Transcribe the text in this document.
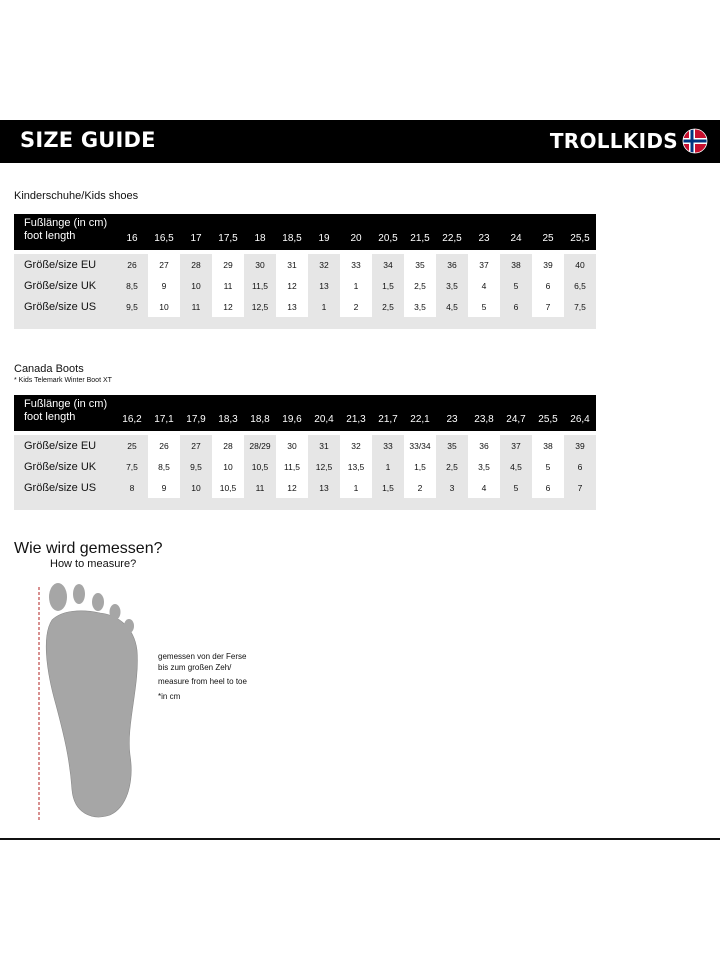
SIZE GUIDE	TROLLKIDS
Kinderschuhe/Kids shoes
Fußlänge (in cm)
foot length	16	16,5	17	17,5	18	18,5	19	20	20,5	21,5	22,5	23	24	25	25,5

Größe/size EU	26	27	28	29	30	31	32	33	34	35	36	37	38	39	40
Größe/size UK	8,5	9	10	11	11,5	12	13	1	1,5	2,5	3,5	4	5	6	6,5
Größe/size US	9,5	10	11	12	12,5	13	1	2	2,5	3,5	4,5	5	6	7	7,5

Canada Boots
* Kids Telemark Winter Boot XT
Fußlänge (in cm)
foot length	16,2	17,1	17,9	18,3	18,8	19,6	20,4	21,3	21,7	22,1	23	23,8	24,7	25,5	26,4

Größe/size EU	25	26	27	28	28/29	30	31	32	33	33/34	35	36	37	38	39
Größe/size UK	7,5	8,5	9,5	10	10,5	11,5	12,5	13,5	1	1,5	2,5	3,5	4,5	5	6
Größe/size US	8	9	10	10,5	11	12	13	1	1,5	2	3	4	5	6	7

Wie wird gemessen?
How to measure?
gemessen von der Ferse
bis zum großen Zeh/
measure from heel to toe
*in cm
